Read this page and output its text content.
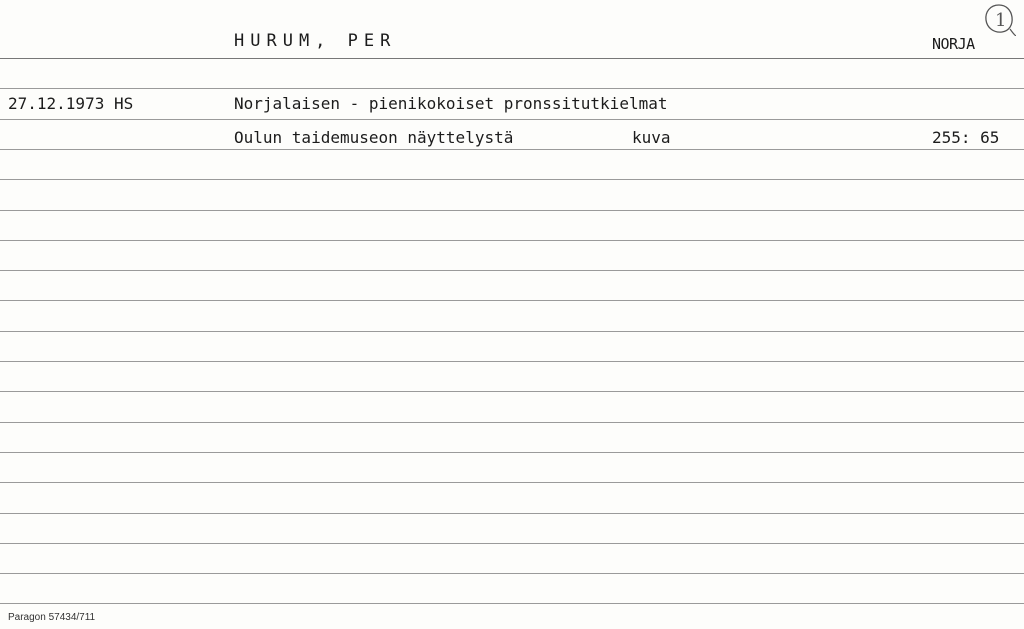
HURUM, PER	NORJA
1
27.12.1973 HS	Norjalaisen - pienikokoiset pronssitutkielmat
Oulun taidemuseon näyttelystä	kuva	255: 65
Paragon 57434/711
